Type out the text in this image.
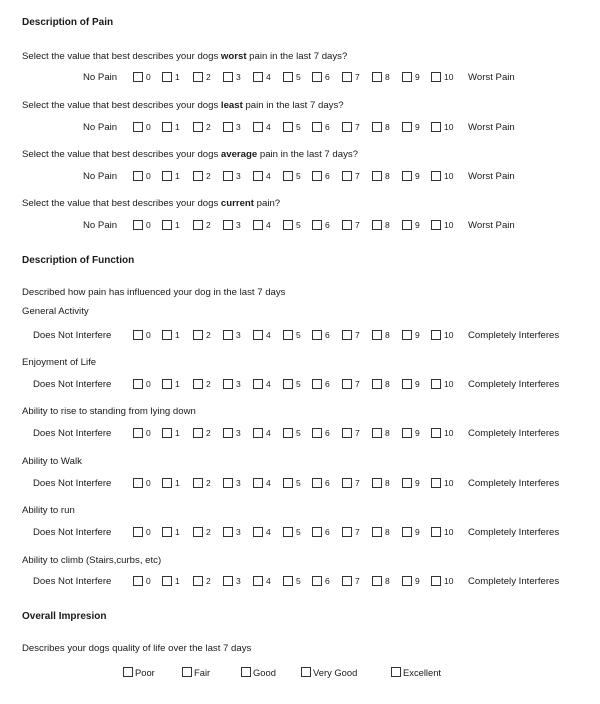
Description of Pain
Description of Function
Described how pain has influenced your dog in the last 7 days
Overall Impresion
Describes your dogs quality of life over the last 7 days
Select the value that best describes your dogs worst pain in the last 7 days?
No Pain	0	1	2	3	4	5	6	7	8	9	10 Worst Pain
Select the value that best describes your dogs least pain in the last 7 days?
No Pain	0	1	2	3	4	5	6	7	8	9	10 Worst Pain
Select the value that best describes your dogs average pain in the last 7 days?
No Pain	0	1	2	3	4	5	6	7	8	9	10 Worst Pain
Select the value that best describes your dogs current pain?
No Pain	0	1	2	3	4	5	6	7	8	9	10 Worst Pain
General Activity
Does Not Interfere	0	1	2	3	4	5	6	7	8	9	10 Completely Interferes
Enjoyment of Life
Does Not Interfere	0	1	2	3	4	5	6	7	8	9	10 Completely Interferes
Ability to rise to standing from lying down
Does Not Interfere	0	1	2	3	4	5	6	7	8	9	10 Completely Interferes
Ability to Walk
Does Not Interfere	0	1	2	3	4	5	6	7	8	9	10 Completely Interferes
Ability to run
Does Not Interfere	0	1	2	3	4	5	6	7	8	9	10 Completely Interferes
Ability to climb (Stairs,curbs, etc)
Does Not Interfere	0	1	2	3	4	5	6	7	8	9	10 Completely Interferes
Poor	Fair	Good	Very Good	Excellent
